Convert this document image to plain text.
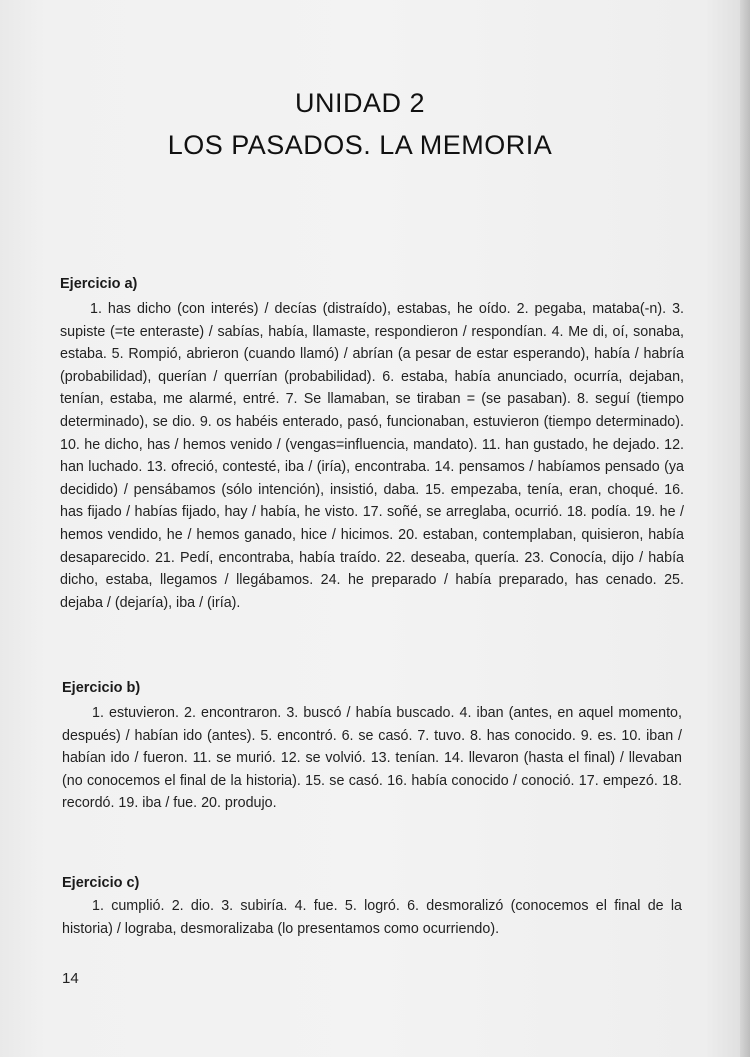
UNIDAD 2
LOS PASADOS. LA MEMORIA
Ejercicio a)

1. has dicho (con interés) / decías (distraído), estabas, he oído. 2. pegaba, mataba(-n). 3. supiste (=te enteraste) / sabías, había, llamaste, respondieron / respondían. 4. Me di, oí, sonaba, estaba. 5. Rompió, abrieron (cuando llamó) / abrían (a pesar de estar esperando), había / habría (probabilidad), querían / querrían (probabilidad). 6. estaba, había anunciado, ocurría, dejaban, tenían, estaba, me alarmé, entré. 7. Se llamaban, se tiraban = (se pasaban). 8. seguí (tiempo determinado), se dio. 9. os habéis enterado, pasó, funcionaban, estuvieron (tiempo determinado). 10. he dicho, has / hemos venido / (vengas=influencia, mandato). 11. han gustado, he dejado. 12. han luchado. 13. ofreció, contesté, iba / (iría), encontraba. 14. pensamos / habíamos pensado (ya decidido) / pensábamos (sólo intención), insistió, daba. 15. empezaba, tenía, eran, choqué. 16. has fijado / habías fijado, hay / había, he visto. 17. soñé, se arreglaba, ocurrió. 18. podía. 19. he / hemos vendido, he / hemos ganado, hice / hicimos. 20. estaban, contemplaban, quisieron, había desaparecido. 21. Pedí, encontraba, había traído. 22. deseaba, quería. 23. Conocía, dijo / había dicho, estaba, llegamos / llegábamos. 24. he preparado / había preparado, has cenado. 25. dejaba / (dejaría), iba / (iría).

Ejercicio b)

1. estuvieron. 2. encontraron. 3. buscó / había buscado. 4. iban (antes, en aquel momento, después) / habían ido (antes). 5. encontró. 6. se casó. 7. tuvo. 8. has conocido. 9. es. 10. iban / habían ido / fueron. 11. se murió. 12. se volvió. 13. tenían. 14. llevaron (hasta el final) / llevaban (no conocemos el final de la historia). 15. se casó. 16. había conocido / conoció. 17. empezó. 18. recordó. 19. iba / fue. 20. produjo.

Ejercicio c)

1. cumplió. 2. dio. 3. subiría. 4. fue. 5. logró. 6. desmoralizó (conocemos el final de la historia) / lograba, desmoralizaba (lo presentamos como ocurriendo).

14
